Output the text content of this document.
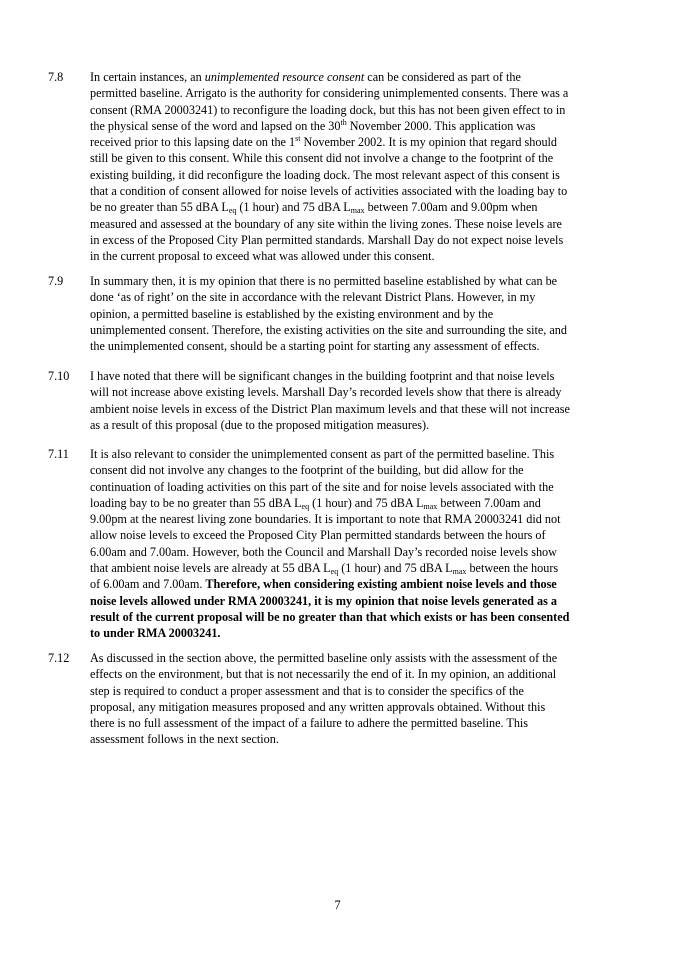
7.8 In certain instances, an unimplemented resource consent can be considered as part of the
permitted baseline. Arrigato is the authority for considering unimplemented consents. There was a
consent (RMA 20003241) to reconfigure the loading dock, but this has not been given effect to in
the physical sense of the word and lapsed on the 30th November 2000. This application was
received prior to this lapsing date on the 1st November 2002. It is my opinion that regard should
still be given to this consent. While this consent did not involve a change to the footprint of the
existing building, it did reconfigure the loading dock. The most relevant aspect of this consent is
that a condition of consent allowed for noise levels of activities associated with the loading bay to
be no greater than 55 dBA $L_{eq}$ (1 hour) and 75 dBA $L_{max}$ between 7.00am and 9.00pm when
measured and assessed at the boundary of any site within the living zones. These noise levels are
in excess of the Proposed City Plan permitted standards. Marshall Day do not expect noise levels
in the current proposal to exceed what was allowed under this consent.
7.9 In summary then, it is my opinion that there is no permitted baseline established by what can be
done ‘as of right’ on the site in accordance with the relevant District Plans. However, in my
opinion, a permitted baseline is established by the existing environment and by the
unimplemented consent. Therefore, the existing activities on the site and surrounding the site, and
the unimplemented consent, should be a starting point for starting any assessment of effects.
7.10 I have noted that there will be significant changes in the building footprint and that noise levels
will not increase above existing levels. Marshall Day’s recorded levels show that there is already
ambient noise levels in excess of the District Plan maximum levels and that these will not increase
as a result of this proposal (due to the proposed mitigation measures).
7.11 It is also relevant to consider the unimplemented consent as part of the permitted baseline. This
consent did not involve any changes to the footprint of the building, but did allow for the
continuation of loading activities on this part of the site and for noise levels associated with the
loading bay to be no greater than 55 dBA $L_{eq}$ (1 hour) and 75 dBA $L_{max}$ between 7.00am and
9.00pm at the nearest living zone boundaries. It is important to note that RMA 20003241 did not
allow noise levels to exceed the Proposed City Plan permitted standards between the hours of
6.00am and 7.00am. However, both the Council and Marshall Day’s recorded noise levels show
that ambient noise levels are already at 55 dBA $L_{eq}$ (1 hour) and 75 dBA $L_{max}$ between the hours
of 6.00am and 7.00am. Therefore, when considering existing ambient noise levels and those
noise levels allowed under RMA 20003241, it is my opinion that noise levels generated as a
result of the current proposal will be no greater than that which exists or has been consented
to under RMA 20003241.
7.12 As discussed in the section above, the permitted baseline only assists with the assessment of the
effects on the environment, but that is not necessarily the end of it. In my opinion, an additional
step is required to conduct a proper assessment and that is to consider the specifics of the
proposal, any mitigation measures proposed and any written approvals obtained. Without this
there is no full assessment of the impact of a failure to adhere the permitted baseline. This
assessment follows in the next section.
7
